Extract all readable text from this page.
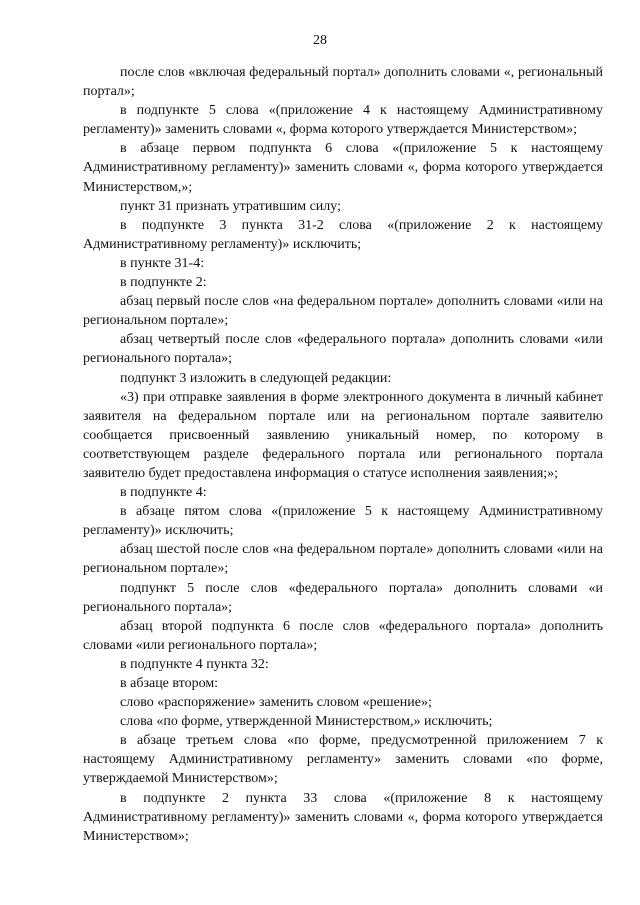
28

после слов «включая федеральный портал» дополнить словами «, региональный портал»;

в подпункте 5 слова «(приложение 4 к настоящему Административному регламенту)» заменить словами «, форма которого утверждается Министерством»;

в абзаце первом подпункта 6 слова «(приложение 5 к настоящему Административному регламенту)» заменить словами «, форма которого утверждается Министерством,»;

пункт 31 признать утратившим силу;

в подпункте 3 пункта 31-2 слова «(приложение 2 к настоящему Административному регламенту)» исключить;

в пункте 31-4:

в подпункте 2:

абзац первый после слов «на федеральном портале» дополнить словами «или на региональном портале»;

абзац четвертый после слов «федерального портала» дополнить словами «или регионального портала»;

подпункт 3 изложить в следующей редакции:

«3) при отправке заявления в форме электронного документа в личный кабинет заявителя на федеральном портале или на региональном портале заявителю сообщается присвоенный заявлению уникальный номер, по которому в соответствующем разделе федерального портала или регионального портала заявителю будет предоставлена информация о статусе исполнения заявления;»;

в подпункте 4:

в абзаце пятом слова «(приложение 5 к настоящему Административному регламенту)» исключить;

абзац шестой после слов «на федеральном портале» дополнить словами «или на региональном портале»;

подпункт 5 после слов «федерального портала» дополнить словами «и регионального портала»;

абзац второй подпункта 6 после слов «федерального портала» дополнить словами «или регионального портала»;

в подпункте 4 пункта 32:

в абзаце втором:

слово «распоряжение» заменить словом «решение»;

слова «по форме, утвержденной Министерством,» исключить;

в абзаце третьем слова «по форме, предусмотренной приложением 7 к настоящему Административному регламенту» заменить словами «по форме, утверждаемой Министерством»;

в подпункте 2 пункта 33 слова «(приложение 8 к настоящему Административному регламенту)» заменить словами «, форма которого утверждается Министерством»;
